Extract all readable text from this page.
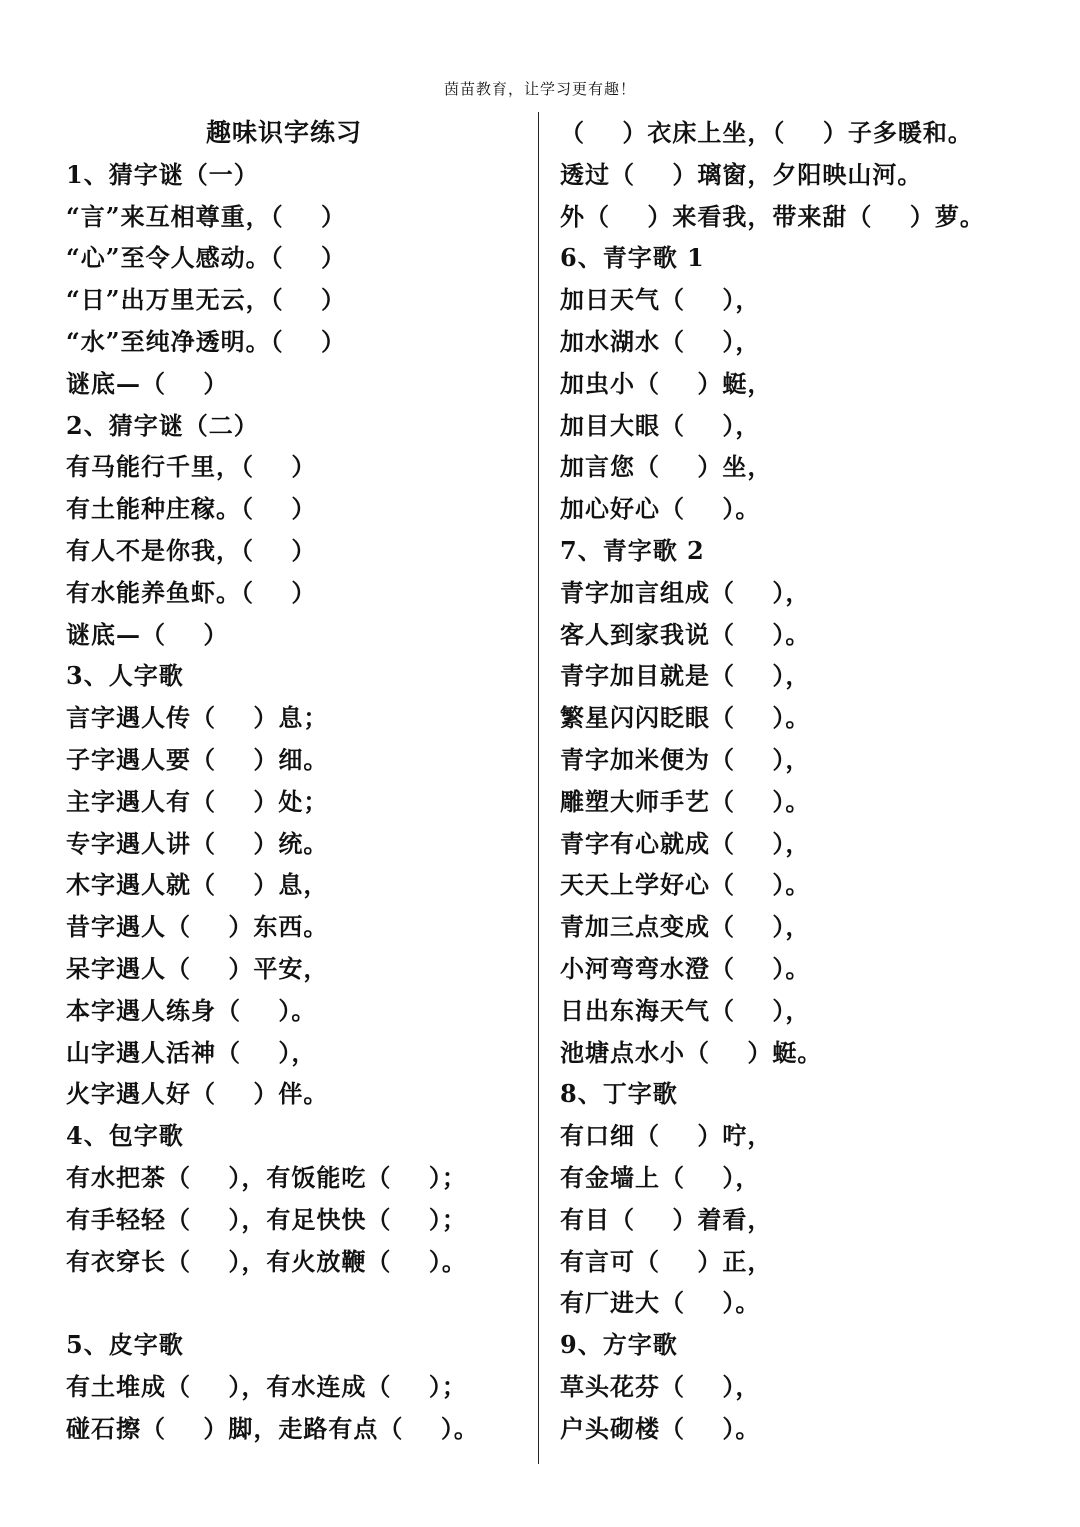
茵苗教育，让学习更有趣！
趣味识字练习
1、猜字谜（一）
“言”来互相尊重，（    ）
“心”至令人感动。（    ）
“日”出万里无云，（    ）
“水”至纯净透明。（    ）
谜底—（    ）
2、猜字谜（二）
有马能行千里，（    ）
有土能种庄稼。（    ）
有人不是你我，（    ）
有水能养鱼虾。（    ）
谜底—（    ）
3、人字歌
言字遇人传（    ）息；
子字遇人要（    ）细。
主字遇人有（    ）处；
专字遇人讲（    ）统。
木字遇人就（    ）息，
昔字遇人（    ）东西。
呆字遇人（    ）平安，
本字遇人练身（    ）。
山字遇人活神（    ），
火字遇人好（    ）伴。
4、包字歌
有水把茶（    ），有饭能吃（    ）；
有手轻轻（    ），有足快快（    ）；
有衣穿长（    ），有火放鞭（    ）。
5、皮字歌
有土堆成（    ），有水连成（    ）；
碰石擦（    ）脚，走路有点（    ）。
（    ）衣床上坐，（    ）子多暖和。
透过（    ）璃窗，夕阳映山河。
外（    ）来看我，带来甜（    ）萝。
6、青字歌 1
加日天气（    ），
加水湖水（    ），
加虫小（    ）蜓，
加目大眼（    ），
加言您（    ）坐，
加心好心（    ）。
7、青字歌 2
青字加言组成（    ），
客人到家我说（    ）。
青字加目就是（    ），
繁星闪闪眨眼（    ）。
青字加米便为（    ），
雕塑大师手艺（    ）。
青字有心就成（    ），
天天上学好心（    ）。
青加三点变成（    ），
小河弯弯水澄（    ）。
日出东海天气（    ），
池塘点水小（    ）蜓。
8、丁字歌
有口细（    ）咛，
有金墙上（    ），
有目（    ）着看，
有言可（    ）正，
有厂进大（    ）。
9、方字歌
草头花芬（    ），
户头砌楼（    ）。
